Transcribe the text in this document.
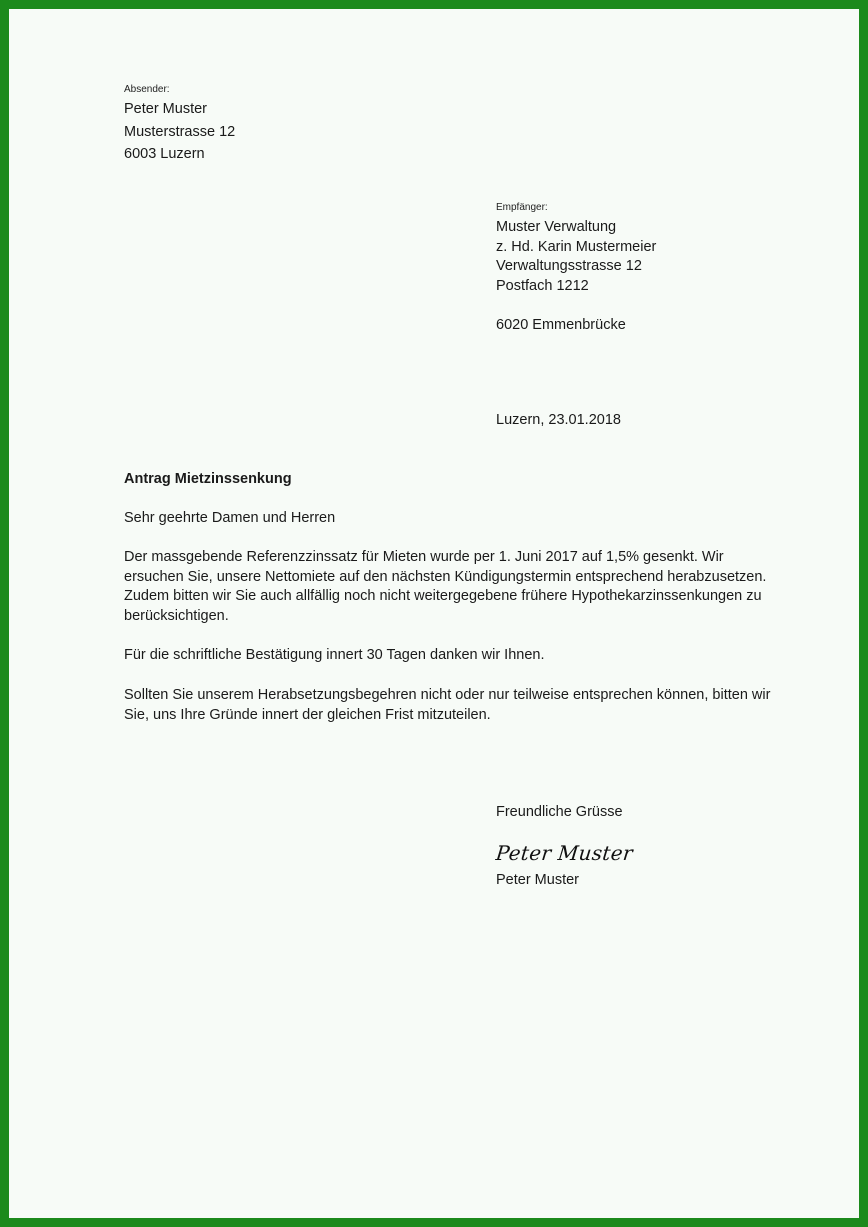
Absender:
Peter Muster
Musterstrasse 12
6003 Luzern
Empfänger:
Muster Verwaltung
z. Hd. Karin Mustermeier
Verwaltungsstrasse 12
Postfach 1212
6020 Emmenbrücke
Luzern, 23.01.2018
Antrag Mietzinssenkung
Sehr geehrte Damen und Herren
Der massgebende Referenzzinssatz für Mieten wurde per 1. Juni 2017 auf 1,5% gesenkt. Wir
ersuchen Sie, unsere Nettomiete auf den nächsten Kündigungstermin entsprechend herabzusetzen.
Zudem bitten wir Sie auch allfällig noch nicht weitergegebene frühere Hypothekarzinssenkungen zu
berücksichtigen.
Für die schriftliche Bestätigung innert 30 Tagen danken wir Ihnen.
Sollten Sie unserem Herabsetzungsbegehren nicht oder nur teilweise entsprechen können, bitten wir
Sie, uns Ihre Gründe innert der gleichen Frist mitzuteilen.
Freundliche Grüsse
Peter Muster
Peter Muster
